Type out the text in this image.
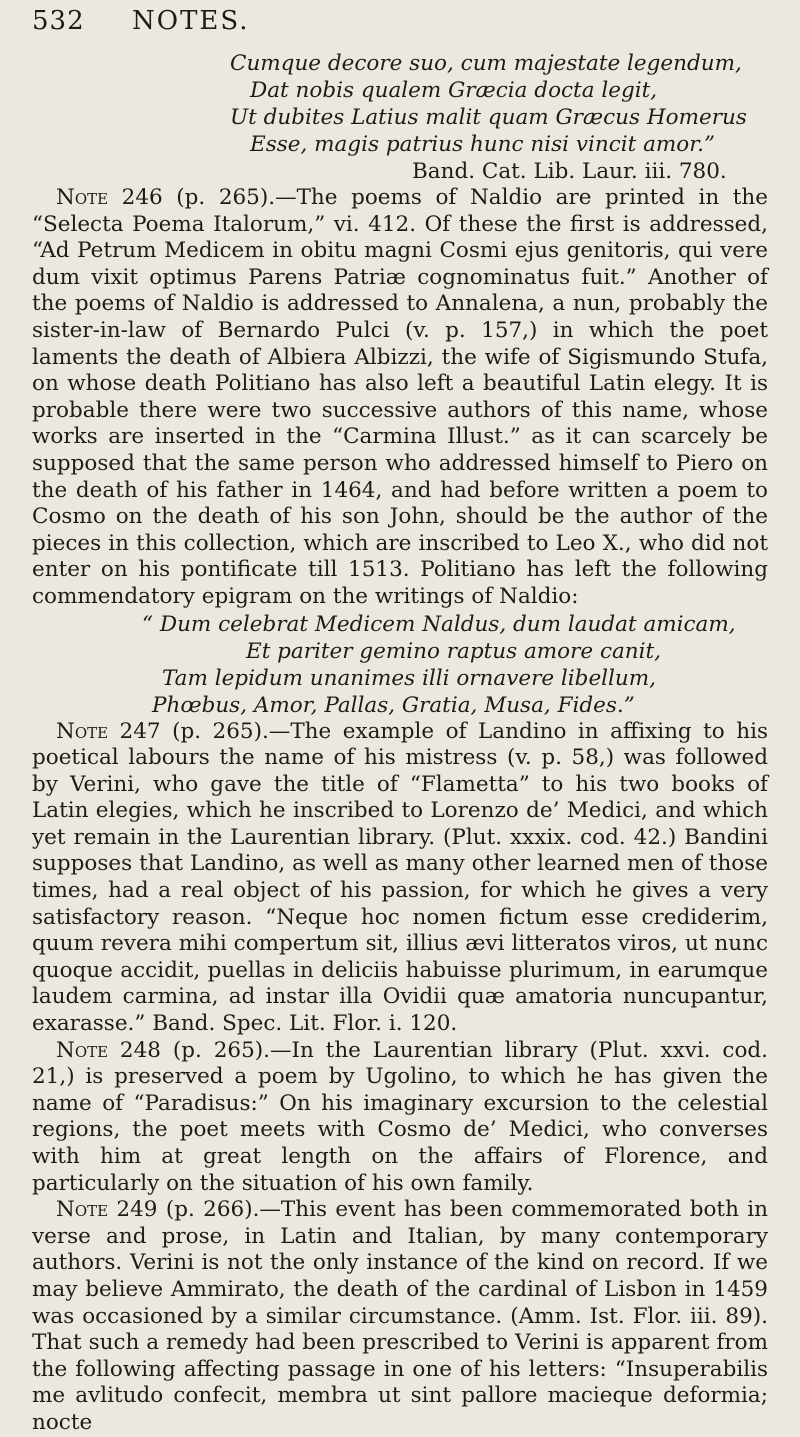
532	NOTES.
Cumque decore suo, cum majestate legendum,
Dat nobis qualem Græcia docta legit,
Ut dubites Latius malit quam Græcus Homerus
Esse, magis patrius hunc nisi vincit amor.”
Band. Cat. Lib. Laur. iii. 780.

Note 246 (p. 265).—The poems of Naldio are printed in the “Selecta Poema Italorum,” vi. 412. Of these the first is addressed, “Ad Petrum Medicem in obitu magni Cosmi ejus genitoris, qui vere dum vixit optimus Parens Patriæ cognominatus fuit.” Another of the poems of Naldio is addressed to Annalena, a nun, probably the sister-in-law of Bernardo Pulci (v. p. 157,) in which the poet laments the death of Albiera Albizzi, the wife of Sigismundo Stufa, on whose death Politiano has also left a beautiful Latin elegy. It is probable there were two successive authors of this name, whose works are inserted in the “Carmina Illust.” as it can scarcely be supposed that the same person who addressed himself to Piero on the death of his father in 1464, and had before written a poem to Cosmo on the death of his son John, should be the author of the pieces in this collection, which are inscribed to Leo X., who did not enter on his pontificate till 1513. Politiano has left the following commendatory epigram on the writings of Naldio:

“ Dum celebrat Medicem Naldus, dum laudat amicam,
Et pariter gemino raptus amore canit,
Tam lepidum unanimes illi ornavere libellum,
Phœbus, Amor, Pallas, Gratia, Musa, Fides.”

Note 247 (p. 265).—The example of Landino in affixing to his poetical labours the name of his mistress (v. p. 58,) was followed by Verini, who gave the title of “Flametta” to his two books of Latin elegies, which he inscribed to Lorenzo de’ Medici, and which yet remain in the Laurentian library. (Plut. xxxix. cod. 42.) Bandini supposes that Landino, as well as many other learned men of those times, had a real object of his passion, for which he gives a very satisfactory reason. “Neque hoc nomen fictum esse crediderim, quum revera mihi compertum sit, illius ævi litteratos viros, ut nunc quoque accidit, puellas in deliciis habuisse plurimum, in earumque laudem carmina, ad instar illa Ovidii quæ amatoria nuncupantur, exarasse.” Band. Spec. Lit. Flor. i. 120.

Note 248 (p. 265).—In the Laurentian library (Plut. xxvi. cod. 21,) is preserved a poem by Ugolino, to which he has given the name of “Paradisus:” On his imaginary excursion to the celestial regions, the poet meets with Cosmo de’ Medici, who converses with him at great length on the affairs of Florence, and particularly on the situation of his own family.

Note 249 (p. 266).—This event has been commemorated both in verse and prose, in Latin and Italian, by many contemporary authors. Verini is not the only instance of the kind on record. If we may believe Ammirato, the death of the cardinal of Lisbon in 1459 was occasioned by a similar circumstance. (Amm. Ist. Flor. iii. 89). That such a remedy had been prescribed to Verini is apparent from the following affecting passage in one of his letters: “Insuperabilis me avlitudo confecit, membra ut sint pallore macieque deformia; nocte
